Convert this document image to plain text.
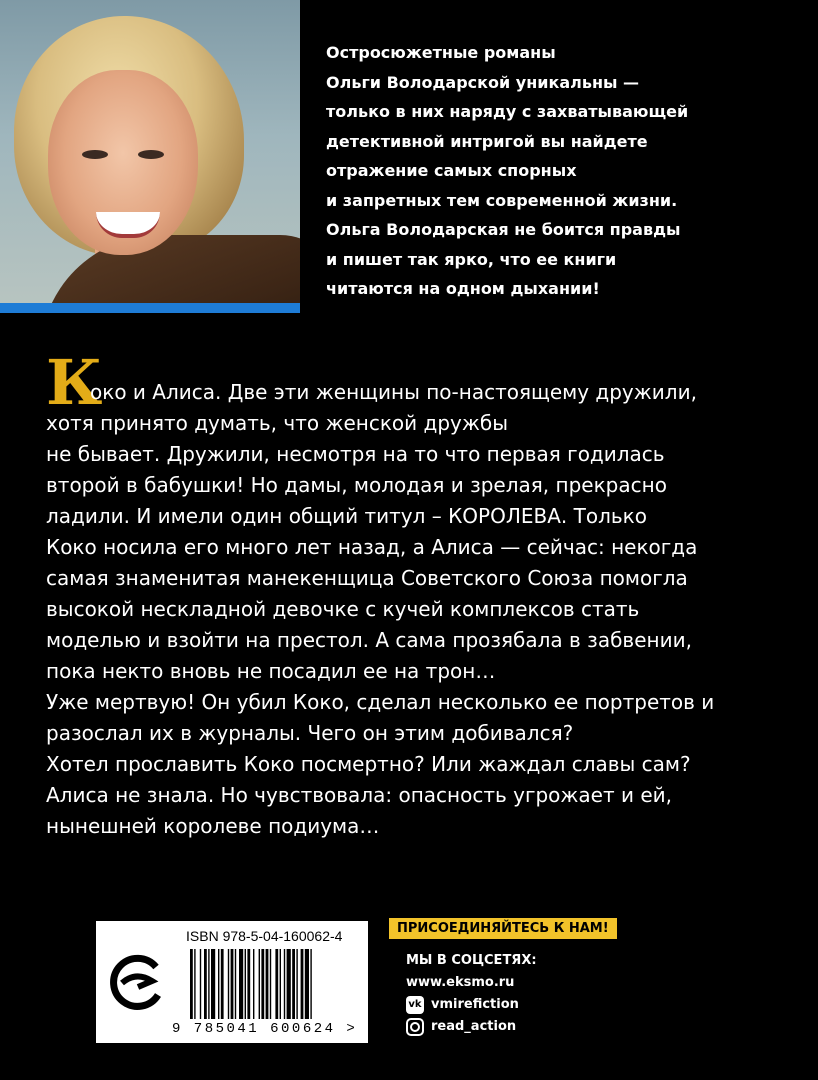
Остросюжетные романы
Ольги Володарской уникальны —
только в них наряду с захватывающей
детективной интригой вы найдете
отражение самых спорных
и запретных тем современной жизни.
Ольга Володарская не боится правды
и пишет так ярко, что ее книги
читаются на одном дыхании!
К
око и Алиса. Две эти женщины по-настоящему дружили,
хотя принято думать, что женской дружбы
не бывает. Дружили, несмотря на то что первая годилась
второй в бабушки! Но дамы, молодая и зрелая, прекрасно
ладили. И имели один общий титул – КОРОЛЕВА. Только
Коко носила его много лет назад, а Алиса — сейчас: некогда
самая знаменитая манекенщица Советского Союза помогла
высокой нескладной девочке с кучей комплексов стать
моделью и взойти на престол. А сама прозябала в забвении,
пока некто вновь не посадил ее на трон…
Уже мертвую! Он убил Коко, сделал несколько ее портретов и
разослал их в журналы. Чего он этим добивался?
Хотел прославить Коко посмертно? Или жаждал славы сам?
Алиса не знала. Но чувствовала: опасность угрожает и ей,
нынешней королеве подиума…
ISBN 978-5-04-160062-4
9 785041 600624 >
ПРИСОЕДИНЯЙТЕСЬ К НАМ!
МЫ В СОЦСЕТЯХ:
www.eksmo.ru
vk vmirefiction
read_action
